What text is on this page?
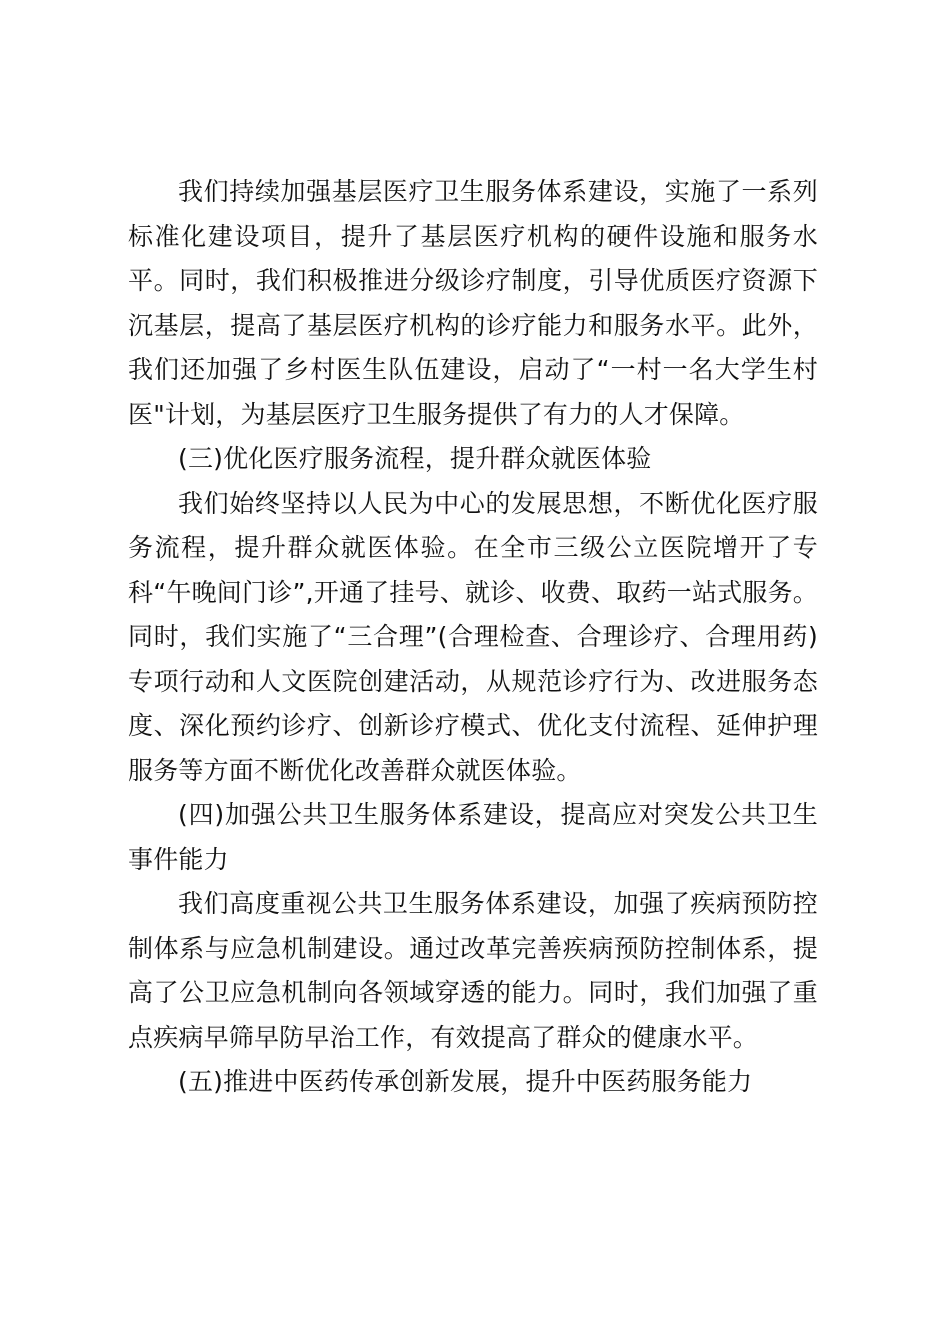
我们持续加强基层医疗卫生服务体系建设，实施了一系列标准化建设项目，提升了基层医疗机构的硬件设施和服务水平。同时，我们积极推进分级诊疗制度，引导优质医疗资源下沉基层，提高了基层医疗机构的诊疗能力和服务水平。此外，我们还加强了乡村医生队伍建设，启动了“一村一名大学生村医"计划，为基层医疗卫生服务提供了有力的人才保障。

(三)优化医疗服务流程，提升群众就医体验

我们始终坚持以人民为中心的发展思想，不断优化医疗服务流程，提升群众就医体验。在全市三级公立医院增开了专科“午晚间门诊”,开通了挂号、就诊、收费、取药一站式服务。同时，我们实施了“三合理”(合理检查、合理诊疗、合理用药)专项行动和人文医院创建活动，从规范诊疗行为、改进服务态度、深化预约诊疗、创新诊疗模式、优化支付流程、延伸护理服务等方面不断优化改善群众就医体验。

(四)加强公共卫生服务体系建设，提高应对突发公共卫生事件能力

我们高度重视公共卫生服务体系建设，加强了疾病预防控制体系与应急机制建设。通过改革完善疾病预防控制体系，提高了公卫应急机制向各领域穿透的能力。同时，我们加强了重点疾病早筛早防早治工作，有效提高了群众的健康水平。

(五)推进中医药传承创新发展，提升中医药服务能力
